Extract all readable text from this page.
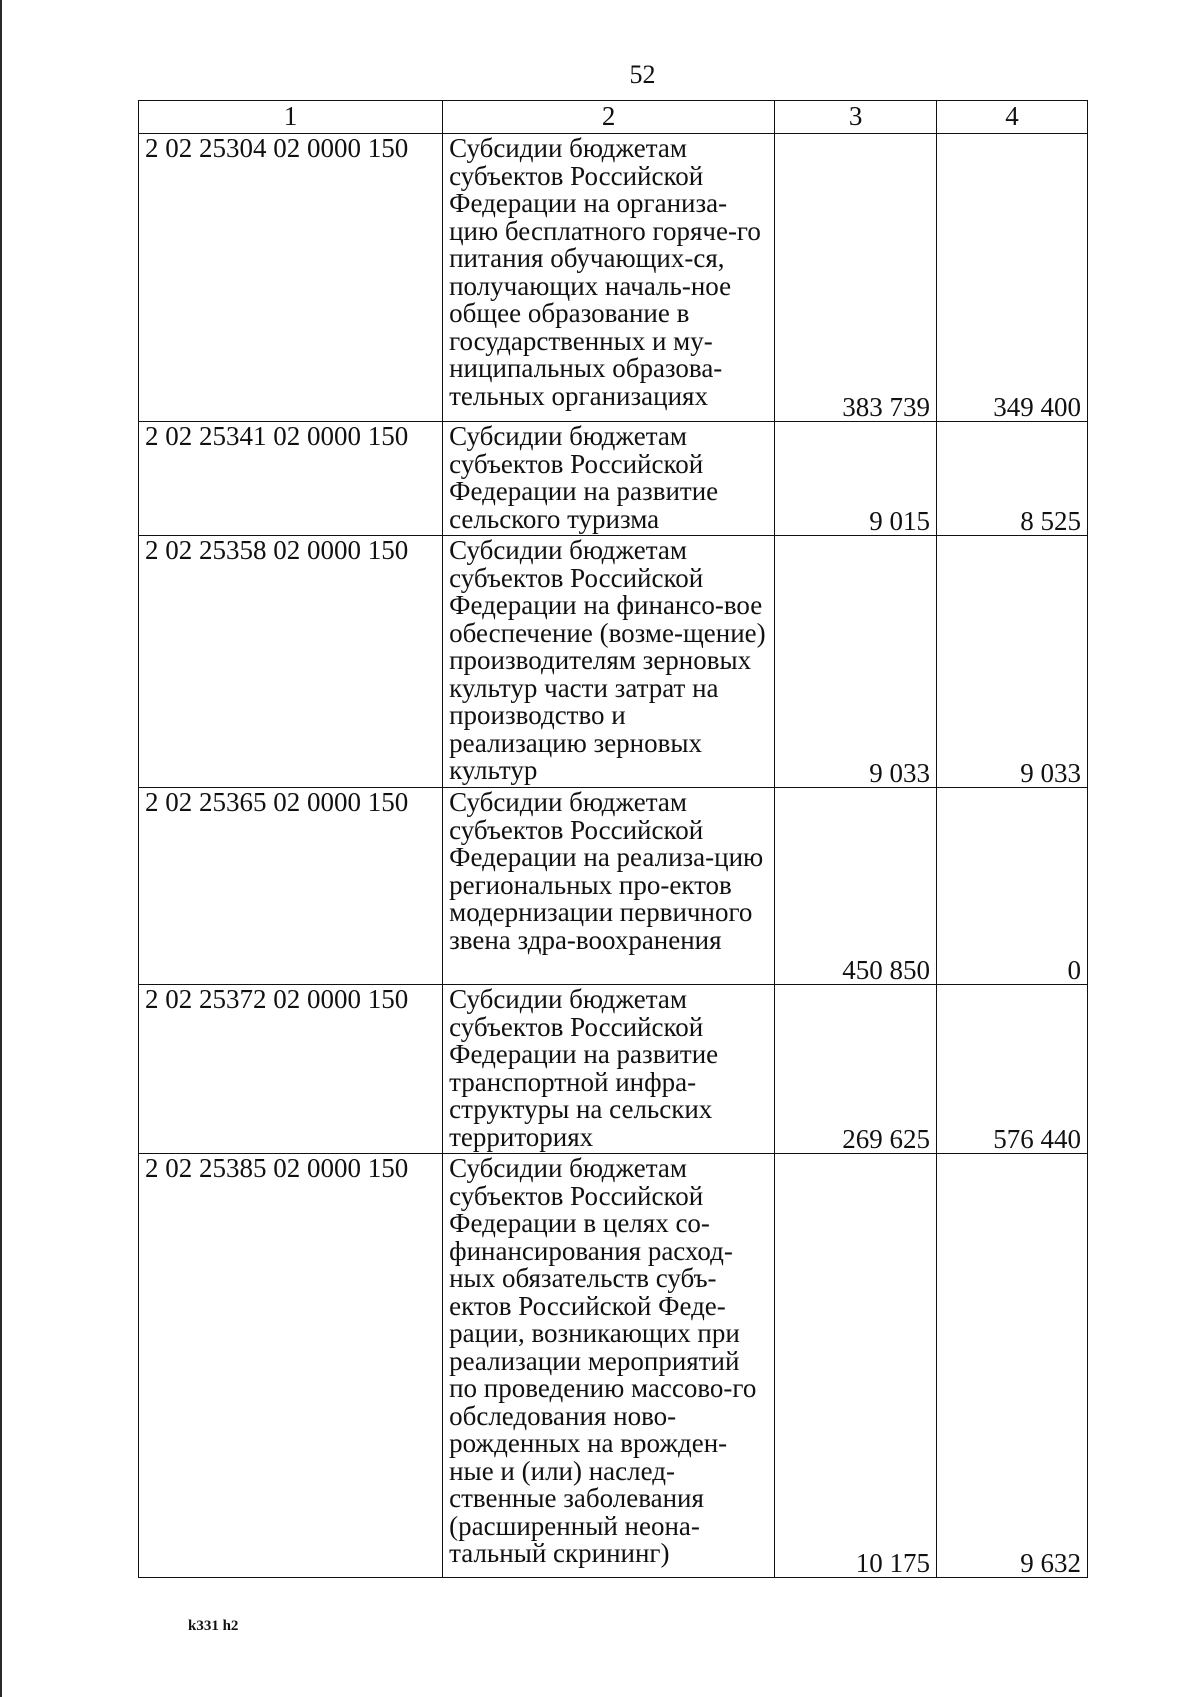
52
1	2	3	4
2 02 25304 02 0000 150	Субсидии бюджетам субъектов Российской Федерации на организа-цию бесплатного горяче-го питания обучающих-ся, получающих началь-ное общее образование в государственных и му-ниципальных образова-тельных организациях	383 739	349 400
2 02 25341 02 0000 150	Субсидии бюджетам субъектов Российской Федерации на развитие сельского туризма	9 015	8 525
2 02 25358 02 0000 150	Субсидии бюджетам субъектов Российской Федерации на финансо-вое обеспечение (возме-щение) производителям зерновых культур части затрат на производство и реализацию зерновых культур	9 033	9 033
2 02 25365 02 0000 150	Субсидии бюджетам субъектов Российской Федерации на реализа-цию региональных про-ектов модернизации первичного звена здра-воохранения	450 850	0
2 02 25372 02 0000 150	Субсидии бюджетам субъектов Российской Федерации на развитие транспортной инфра-структуры на сельских территориях	269 625	576 440
2 02 25385 02 0000 150	Субсидии бюджетам субъектов Российской Федерации в целях со-финансирования расход-ных обязательств субъ-ектов Российской Феде-рации, возникающих при реализации мероприятий по проведению массово-го обследования ново-рожденных на врожден-ные и (или) наслед-ственные заболевания (расширенный неона-тальный скрининг)	10 175	9 632
k331 h2
